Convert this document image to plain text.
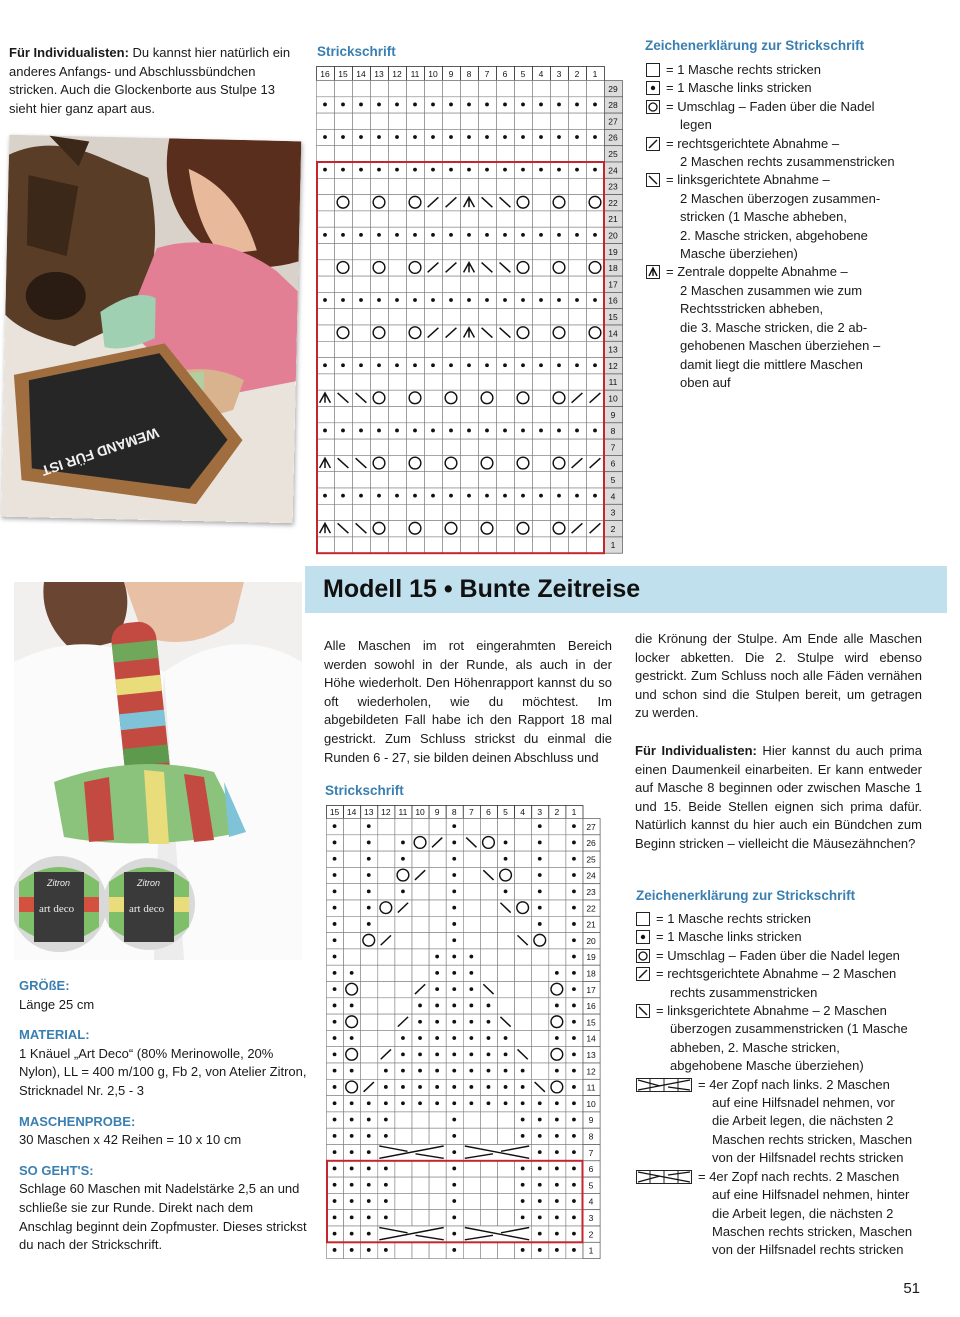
Für Individualisten: Du kannst hier natürlich ein anderes Anfangs- und Abschlussbündchen stricken. Auch die Glockenborte aus Stulpe 13 sieht hier ganz apart aus.
WEMAND FÜR IST
Strickschrift
16 15 14 13 12 11 10 9 8 7 6 5 4 3 2 1
29
28
27
26
25
24
23
22
21
20
19
18
17
16
15
14
13
12
11
10
9
8
7
6
5
4
3
2
1
Zeichenerklärung zur Strickschrift
= 1 Masche rechts stricken
= 1 Masche links stricken
= Umschlag – Faden über die Nadel
legen
= rechtsgerichtete Abnahme –
2 Maschen rechts zusammenstricken
= linksgerichtete Abnahme –
2 Maschen überzogen zusammen-
stricken (1 Masche abheben,
2. Masche stricken, abgehobene
Masche überziehen)
= Zentrale doppelte Abnahme –
2 Maschen zusammen wie zum
Rechtsstricken abheben,
die 3. Masche stricken, die 2 ab-
gehobenen Maschen überziehen –
damit liegt die mittlere Maschen
oben auf
Zitron
art deco
Zitron
art deco
Modell 15 • Bunte Zeitreise
GRÖßE:
Länge 25 cm
MATERIAL:
1 Knäuel „Art Deco“ (80% Merinowolle, 20% Nylon), LL = 400 m/100 g, Fb 2, von Atelier Zitron, Stricknadel Nr. 2,5 - 3
MASCHENPROBE:
30 Maschen x 42 Reihen = 10 x 10 cm
SO GEHT'S:
Schlage 60 Maschen mit Nadelstärke 2,5 an und schließe sie zur Runde. Direkt nach dem Anschlag beginnt dein Zopfmuster. Dieses strickst du nach der Strickschrift.
Alle Maschen im rot eingerahmten Bereich werden sowohl in der Runde, als auch in der Höhe wiederholt. Den Höhenrapport kannst du so oft wiederholen, wie du möchtest. Im abgebildeten Fall habe ich den Rapport 18 mal gestrickt. Zum Schluss strickst du einmal die Runden 6 - 27, sie bilden deinen Abschluss und
Strickschrift
15 14 13 12 11 10 9 8 7 6 5 4 3 2 1
27
26
25
24
23
22
21
20
19
18
17
16
15
14
13
12
11
10
9
8
7
6
5
4
3
2
1
die Krönung der Stulpe. Am Ende alle Maschen locker abketten. Die 2. Stulpe wird ebenso gestrickt. Zum Schluss noch alle Fäden vernähen und schon sind die Stulpen bereit, um getragen zu werden.
Für Individualisten: Hier kannst du auch prima einen Daumenkeil einarbeiten. Er kann entweder auf Masche 8 beginnen oder zwischen Masche 1 und 15. Beide Stellen eignen sich prima dafür. Natürlich kannst du hier auch ein Bündchen zum Beginn stricken – vielleicht die Mäusezähnchen?
Zeichenerklärung zur Strickschrift
= 1 Masche rechts stricken
= 1 Masche links stricken
= Umschlag – Faden über die Nadel legen
= rechtsgerichtete Abnahme – 2 Maschen
rechts zusammenstricken
= linksgerichtete Abnahme – 2 Maschen
überzogen zusammenstricken (1 Masche
abheben, 2. Masche stricken,
abgehobene Masche überziehen)
= 4er Zopf nach links. 2 Maschen
auf eine Hilfsnadel nehmen, vor
die Arbeit legen, die nächsten 2
Maschen rechts stricken, Maschen
von der Hilfsnadel rechts stricken
= 4er Zopf nach rechts. 2 Maschen
auf eine Hilfsnadel nehmen, hinter
die Arbeit legen, die nächsten 2
Maschen rechts stricken, Maschen
von der Hilfsnadel rechts stricken
51
